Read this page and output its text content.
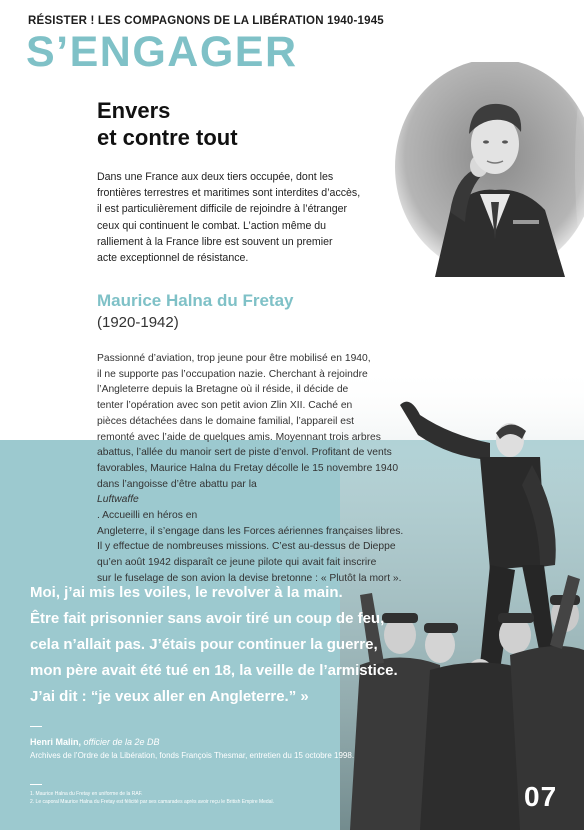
RÉSISTER ! LES COMPAGNONS DE LA LIBÉRATION 1940-1945

S’ENGAGER
Envers
et contre tout

Dans une France aux deux tiers occupée, dont les
frontières terrestres et maritimes sont interdites d’accès,
il est particulièrement difficile de rejoindre à l’étranger
ceux qui continuent le combat. L’action même du
ralliement à la France libre est souvent un premier
acte exceptionnel de résistance.

Maurice Halna du Fretay

(1920-1942)

Passionné d’aviation, trop jeune pour être mobilisé en 1940,
il ne supporte pas l’occupation nazie. Cherchant à rejoindre
l’Angleterre depuis la Bretagne où il réside, il décide de
tenter l’opération avec son petit avion Zlin XII. Caché en
pièces détachées dans le domaine familial, l’appareil est
remonté avec l’aide de quelques amis. Moyennant trois arbres
abattus, l’allée du manoir sert de piste d’envol. Profitant de vents
favorables, Maurice Halna du Fretay décolle le 15 novembre 1940
dans l’angoisse d’être abattu par la
Luftwaffe
. Accueilli en héros en
Angleterre, il s’engage dans les Forces aériennes françaises libres.
Il y effectue de nombreuses missions. C’est au-dessus de Dieppe
qu’en août 1942 disparaît ce jeune pilote qui avait fait inscrire
sur le fuselage de son avion la devise bretonne : « Plutôt la mort ».

Moi, j’ai mis les voiles, le revolver à la main.
Être fait prisonnier sans avoir tiré un coup de feu,
cela n’allait pas. J’étais pour continuer la guerre,
mon père avait été tué en 18, la veille de l’armistice.
J’ai dit : “je veux aller en Angleterre.” »

Henri Malin, officier de la 2e DB

Archives de l’Ordre de la Libération, fonds François Thesmar, entretien du 15 octobre 1998.

1. Maurice Halna du Fretay en uniforme de la RAF.

2. Le caporal Maurice Halna du Fretay est félicité par ses camarades après avoir reçu le British Empire Medal.	07
